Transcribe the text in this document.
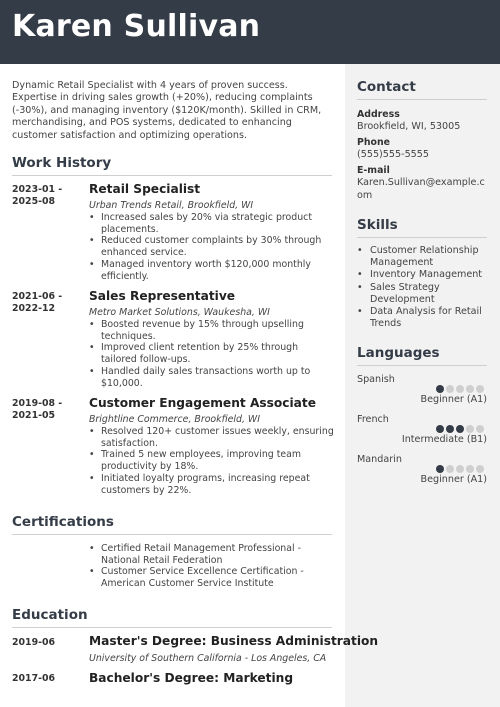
Karen Sullivan

Dynamic Retail Specialist with 4 years of proven success. Expertise in driving sales growth (+20%), reducing complaints (-30%), and managing inventory ($120K/month). Skilled in CRM, merchandising, and POS systems, dedicated to enhancing customer satisfaction and optimizing operations.

Work History
2023-01 -
2025-08
Retail Specialist
Urban Trends Retail, Brookfield, WI
• Increased sales by 20% via strategic product placements.
• Reduced customer complaints by 30% through enhanced service.
• Managed inventory worth $120,000 monthly efficiently.
2021-06 -
2022-12
Sales Representative
Metro Market Solutions, Waukesha, WI
• Boosted revenue by 15% through upselling techniques.
• Improved client retention by 25% through tailored follow-ups.
• Handled daily sales transactions worth up to $10,000.
2019-08 -
2021-05
Customer Engagement Associate
Brightline Commerce, Brookfield, WI
• Resolved 120+ customer issues weekly, ensuring satisfaction.
• Trained 5 new employees, improving team productivity by 18%.
• Initiated loyalty programs, increasing repeat customers by 22%.
Certifications
• Certified Retail Management Professional - National Retail Federation
• Customer Service Excellence Certification - American Customer Service Institute
Education
2019-06	Master's Degree: Business Administration
University of Southern California - Los Angeles, CA
2017-06	Bachelor's Degree: Marketing
Contact
Address
Brookfield, WI, 53005
Phone
(555)555-5555
E-mail
Karen.Sullivan@example.com
Skills
• Customer Relationship Management
• Inventory Management
• Sales Strategy Development
• Data Analysis for Retail Trends
Languages
Spanish
Beginner (A1)
French
Intermediate (B1)
Mandarin
Beginner (A1)
